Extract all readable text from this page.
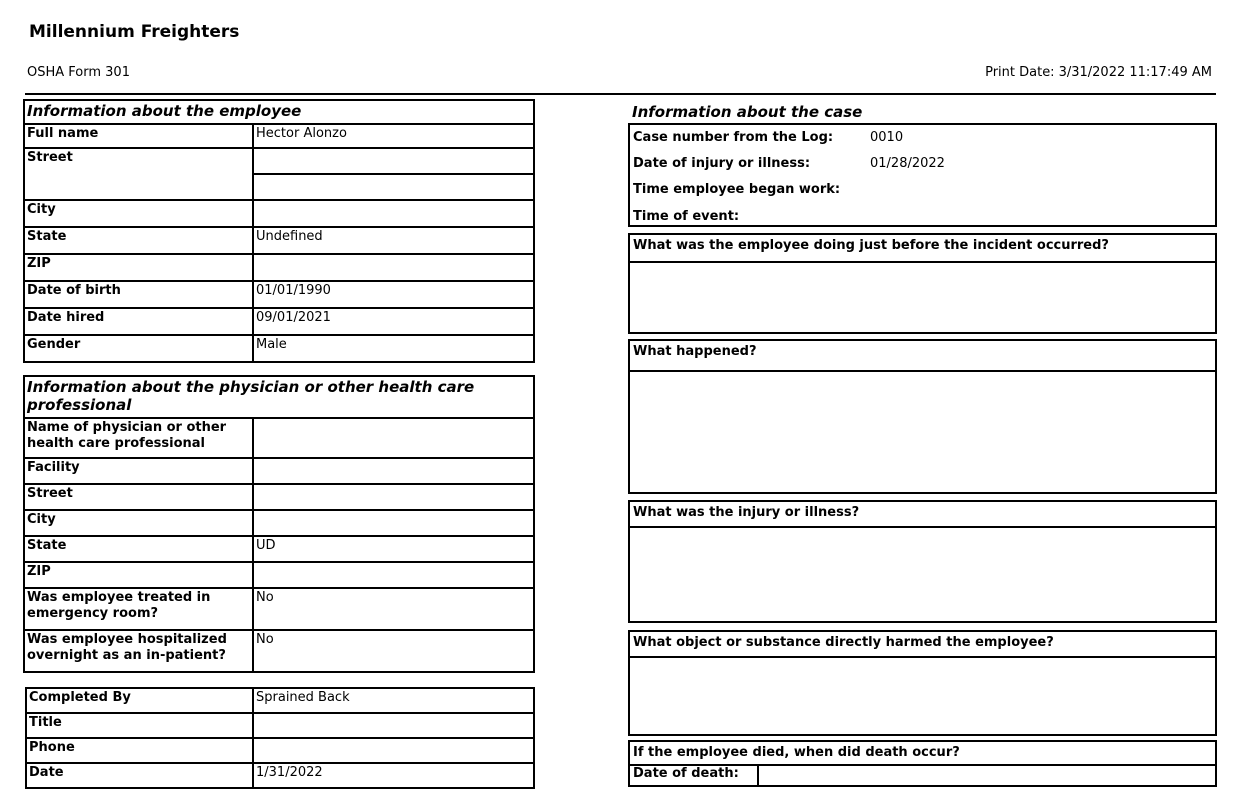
Millennium Freighters
OSHA Form 301	Print Date: 3/31/2022 11:17:49 AM
Information about the employee	
Full name	Hector Alonzo
Street	

City	
State	Undefined
ZIP	
Date of birth	01/01/1990
Date hired	09/01/2021
Gender	Male
Information about the physician or other health care professional	
Name of physician or other health care professional	
Facility	
Street	
City	
State	UD
ZIP	
Was employee treated in emergency room?	No
Was employee hospitalized overnight as an in-patient?	No
Completed By	Sprained Back
Title	
Phone	
Date	1/31/2022
Information about the case
Case number from the Log:	0010
Date of injury or illness:	01/28/2022
Time employee began work:
Time of event:
What was the employee doing just before the incident occurred?
What happened?
What was the injury or illness?
What object or substance directly harmed the employee?
If the employee died, when did death occur?
Date of death:
